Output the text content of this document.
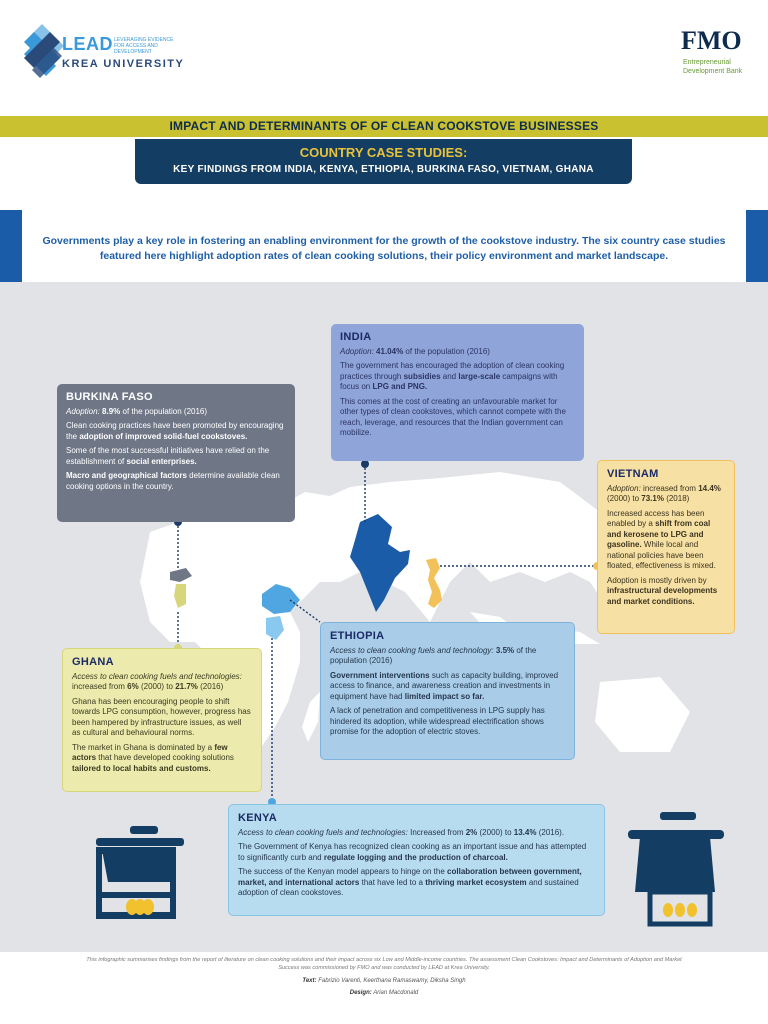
LEAD LEVERAGING EVIDENCE FOR ACCESS AND DEVELOPMENT
KREA UNIVERSITY
FMO
Entrepreneurial Development Bank
IMPACT AND DETERMINANTS OF OF CLEAN COOKSTOVE BUSINESSES
COUNTRY CASE STUDIES:
KEY FINDINGS FROM INDIA, KENYA, ETHIOPIA, BURKINA FASO, VIETNAM, GHANA
Governments play a key role in fostering an enabling environment for the growth of the cookstove industry. The six country case studies featured here highlight adoption rates of clean cooking solutions, their policy environment and market landscape.
INDIA

Adoption: 41.04% of the population (2016)

The government has encouraged the adoption of clean cooking practices through subsidies and large-scale campaigns with focus on LPG and PNG.

This comes at the cost of creating an unfavourable market for other types of clean cookstoves, which cannot compete with the reach, leverage, and resources that the Indian government can mobilize.

BURKINA FASO

Adoption: 8.9% of the population (2016)

Clean cooking practices have been promoted by encouraging the adoption of improved solid-fuel cookstoves.

Some of the most successful initiatives have relied on the establishment of social enterprises.

Macro and geographical factors determine available clean cooking options in the country.

VIETNAM

Adoption: increased from 14.4% (2000) to 73.1% (2018)

Increased access has been enabled by a shift from coal and kerosene to LPG and gasoline. While local and national policies have been floated, effectiveness is mixed.

Adoption is mostly driven by infrastructural developments and market conditions.

ETHIOPIA

Access to clean cooking fuels and technology: 3.5% of the population (2016)

Government interventions such as capacity building, improved access to finance, and awareness creation and investments in equipment have had limited impact so far.

A lack of penetration and competitiveness in LPG supply has hindered its adoption, while widespread electrification shows promise for the adoption of electric stoves.

GHANA

Access to clean cooking fuels and technologies: increased from 6% (2000) to 21.7% (2016)

Ghana has been encouraging people to shift towards LPG consumption, however, progress has been hampered by infrastructure issues, as well as cultural and behavioural norms.

The market in Ghana is dominated by a few actors that have developed cooking solutions tailored to local habits and customs.

KENYA

Access to clean cooking fuels and technologies: Increased from 2% (2000) to 13.4% (2016).

The Government of Kenya has recognized clean cooking as an important issue and has attempted to significantly curb and regulate logging and the production of charcoal.

The success of the Kenyan model appears to hinge on the collaboration between government, market, and international actors that have led to a thriving market ecosystem and sustained adoption of clean cookstoves.

This infographic summarises findings from the report of literature on clean cooking solutions and their impact across six Low and Middle-income countries. The assessment Clean Cookstoves: Impact and Determinants of Adoption and Market Success was commissioned by FMO and was conducted by LEAD at Krea University.
Text: Fabrizio Varenti, Keerthana Ramaswamy, Diksha Singh
Design: Arian Macdonald
